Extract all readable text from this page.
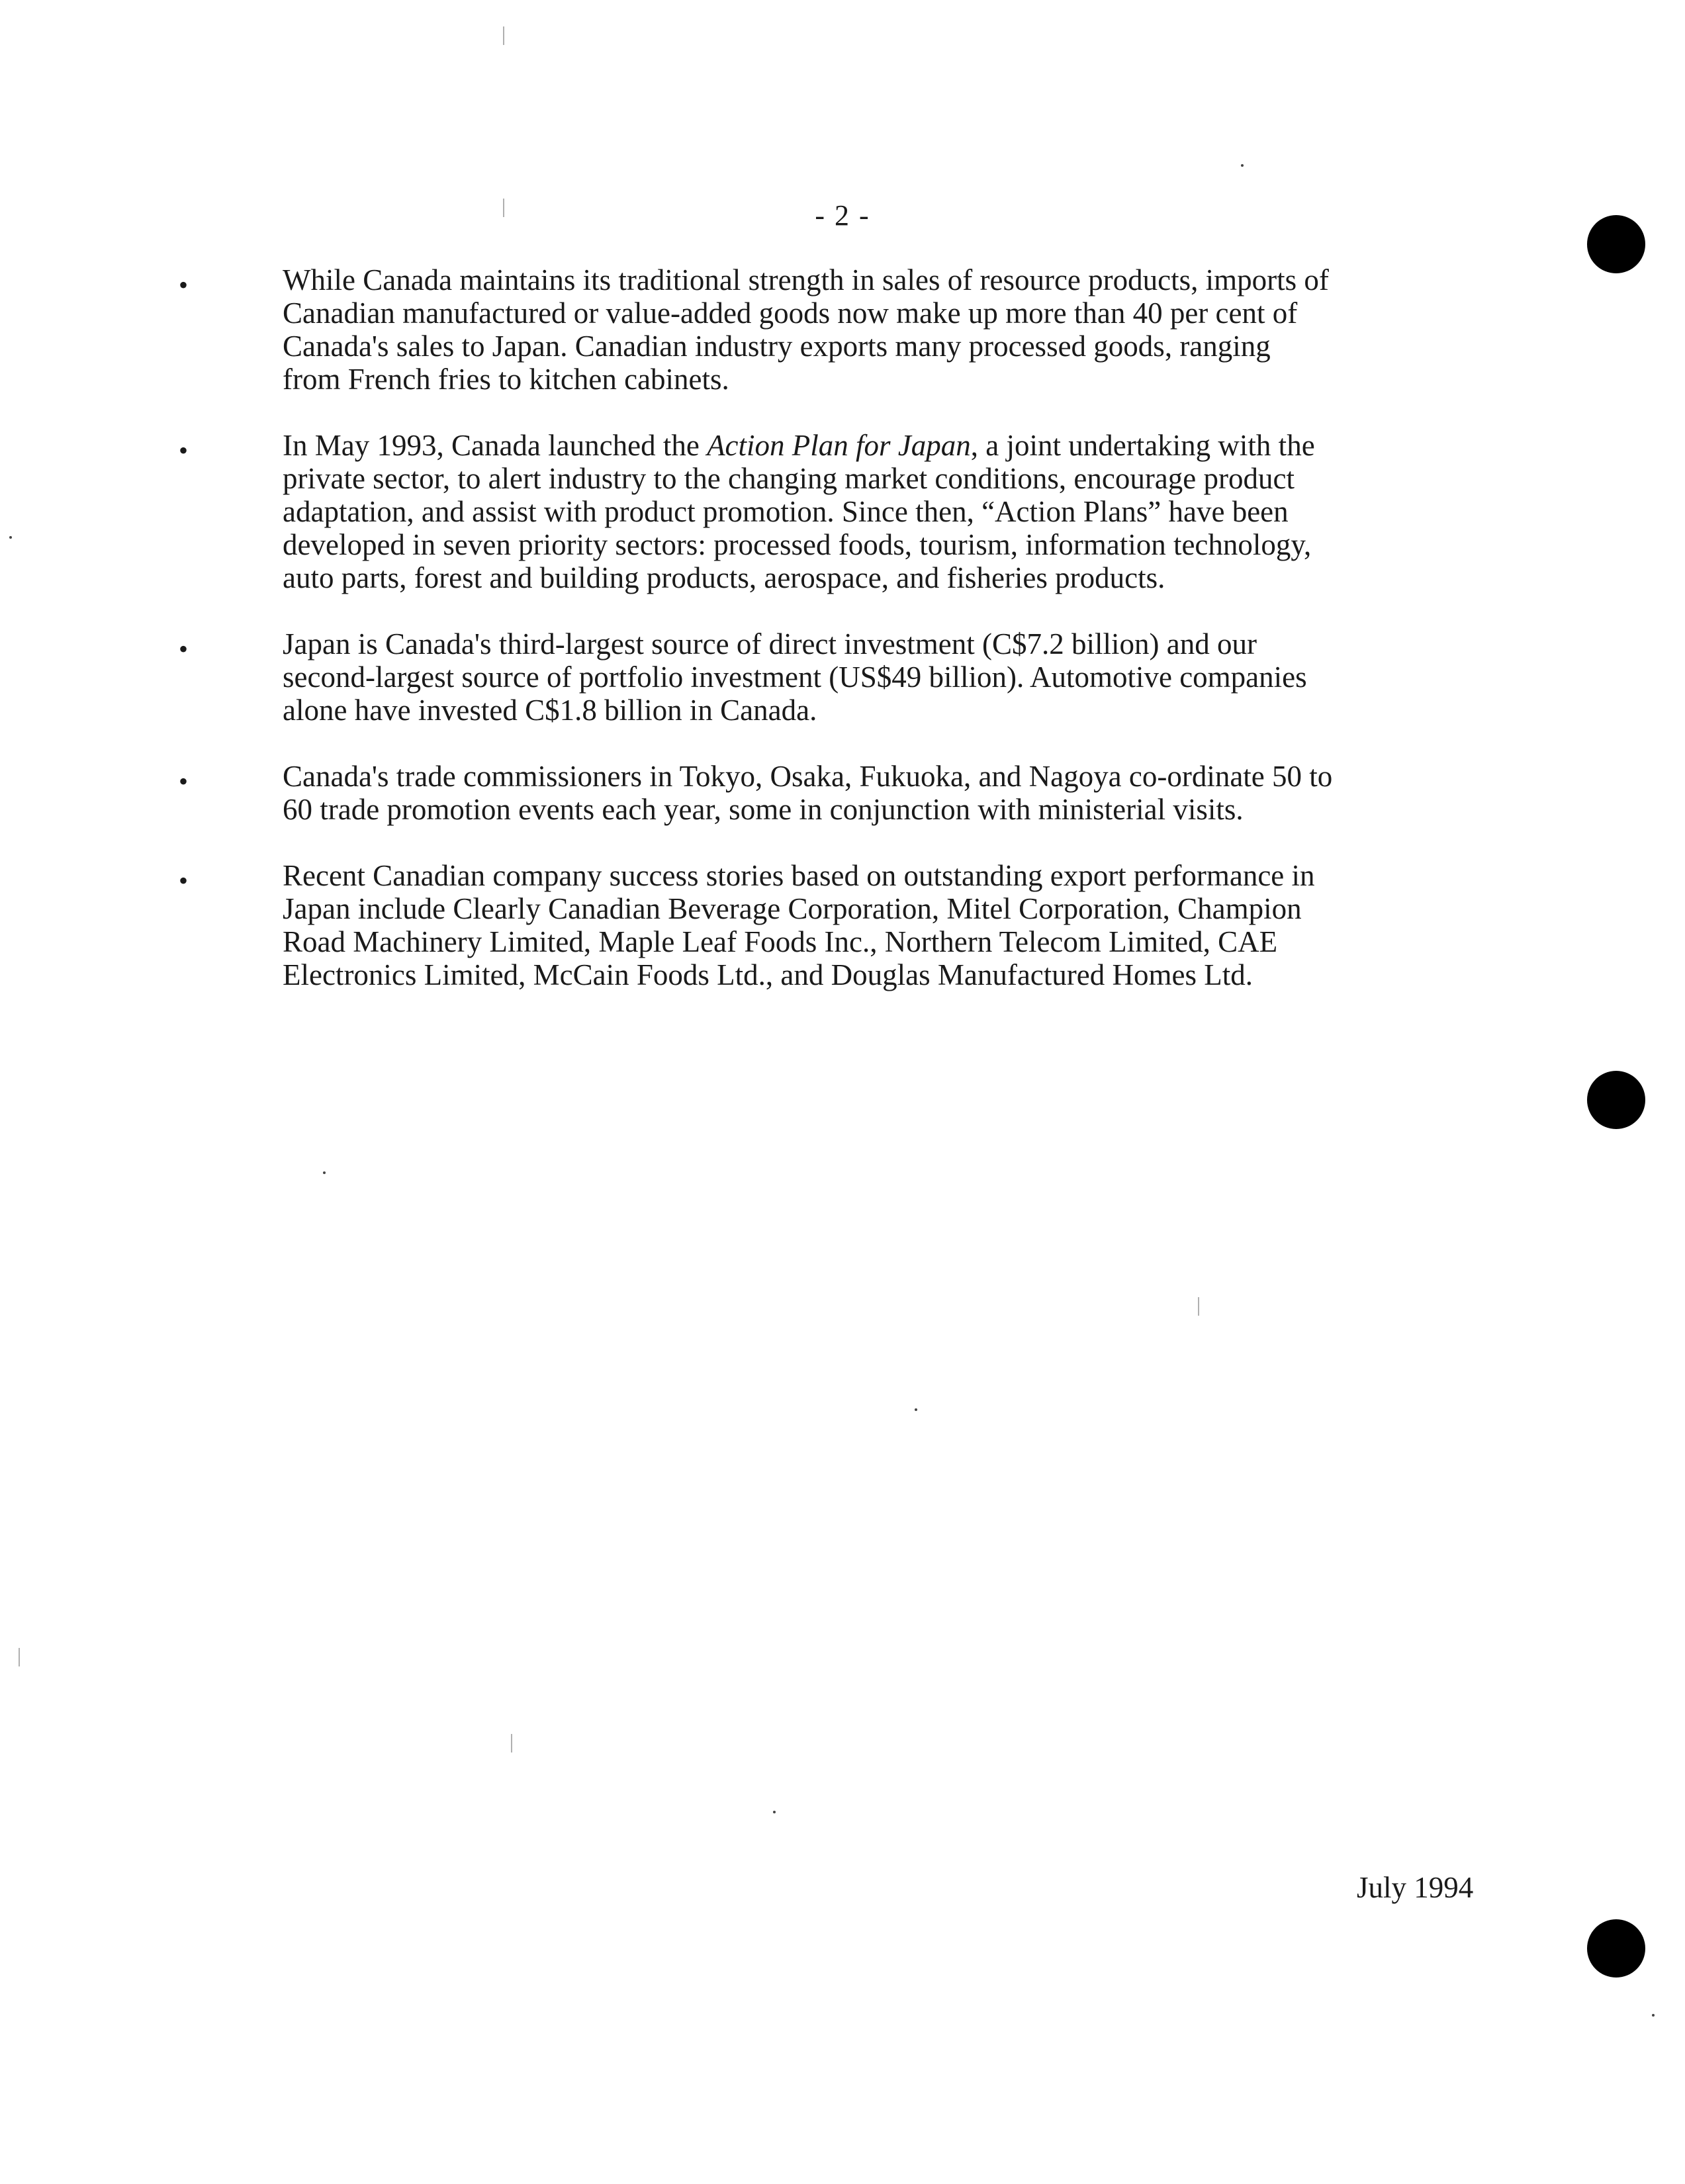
- 2 -
•	While Canada maintains its traditional strength in sales of resource products, imports of
Canadian manufactured or value-added goods now make up more than 40 per cent of
Canada's sales to Japan. Canadian industry exports many processed goods, ranging
from French fries to kitchen cabinets.
•	In May 1993, Canada launched the Action Plan for Japan, a joint undertaking with the
private sector, to alert industry to the changing market conditions, encourage product
adaptation, and assist with product promotion. Since then, “Action Plans” have been
developed in seven priority sectors: processed foods, tourism, information technology,
auto parts, forest and building products, aerospace, and fisheries products.
•	Japan is Canada's third-largest source of direct investment (C$7.2 billion) and our
second-largest source of portfolio investment (US$49 billion). Automotive companies
alone have invested C$1.8 billion in Canada.
•	Canada's trade commissioners in Tokyo, Osaka, Fukuoka, and Nagoya co-ordinate 50 to
60 trade promotion events each year, some in conjunction with ministerial visits.
•	Recent Canadian company success stories based on outstanding export performance in
Japan include Clearly Canadian Beverage Corporation, Mitel Corporation, Champion
Road Machinery Limited, Maple Leaf Foods Inc., Northern Telecom Limited, CAE
Electronics Limited, McCain Foods Ltd., and Douglas Manufactured Homes Ltd.
July 1994
